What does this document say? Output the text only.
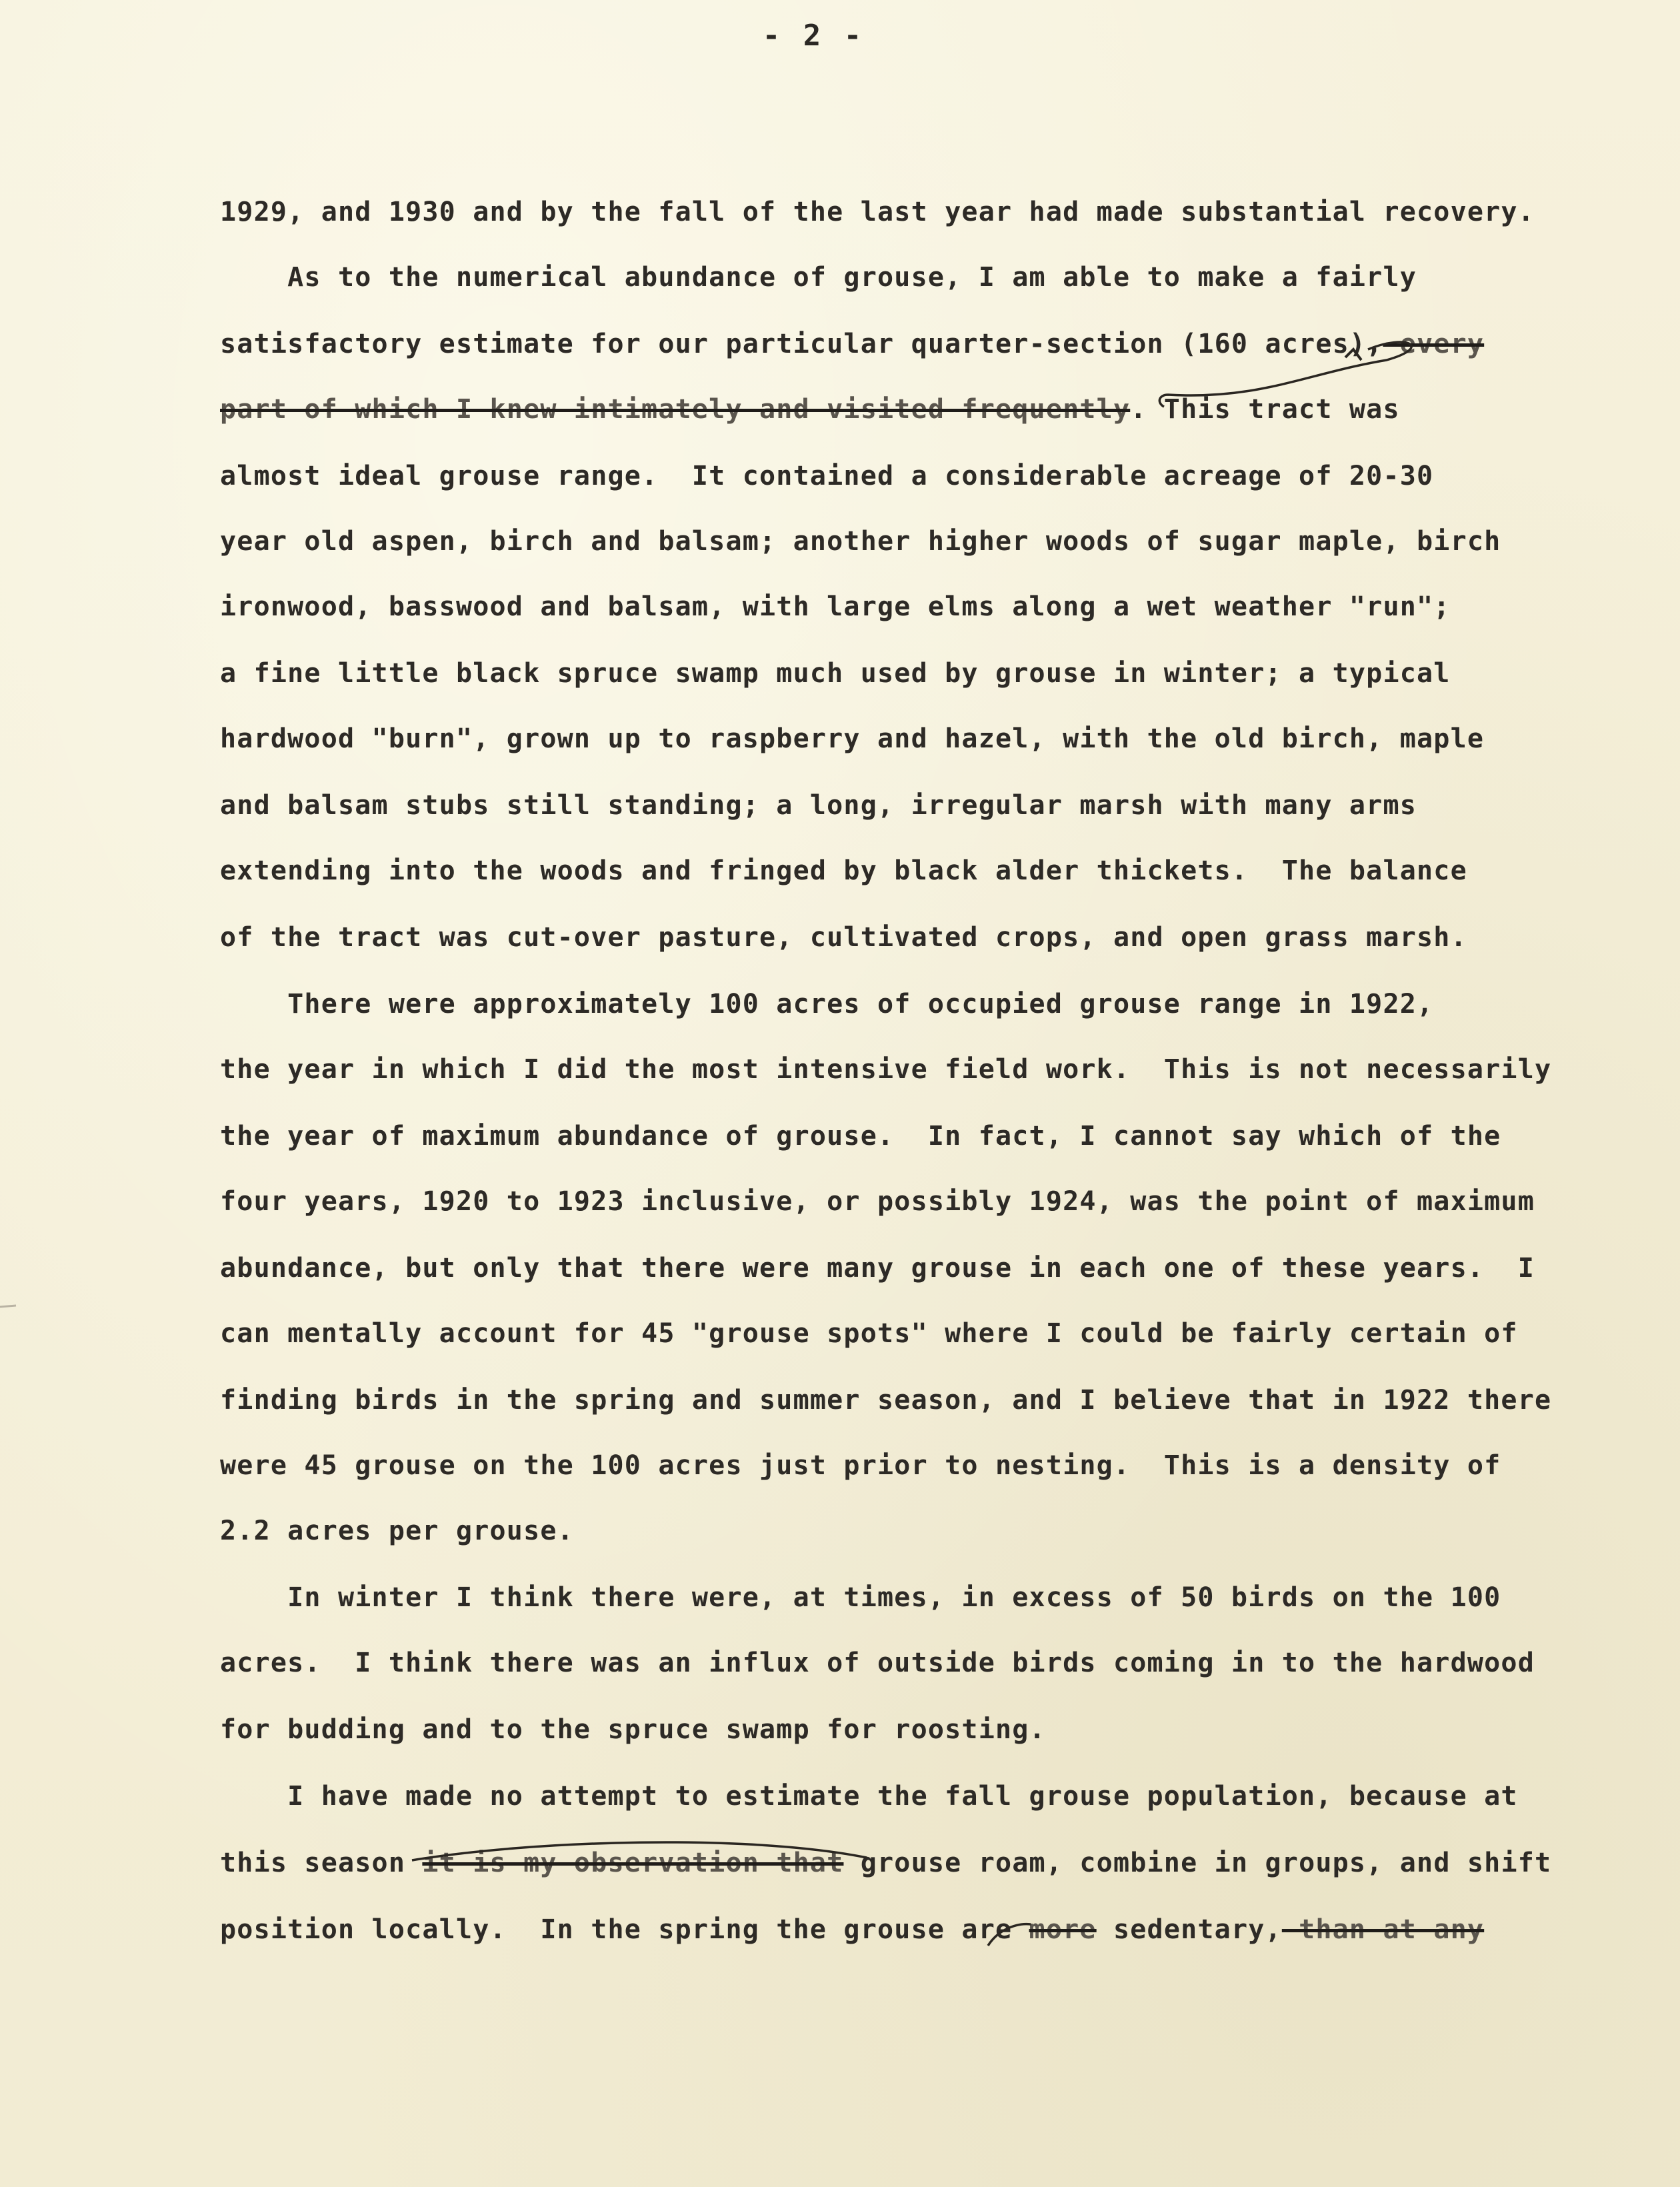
- 2 -
1929, and 1930 and by the fall of the last year had made substantial recovery.
As to the numerical abundance of grouse, I am able to make a fairly
satisfactory estimate for our particular quarter-section (160 acres), every
part of which I knew intimately and visited frequently. This tract was
almost ideal grouse range.  It contained a considerable acreage of 20-30
year old aspen, birch and balsam; another higher woods of sugar maple, birch
ironwood, basswood and balsam, with large elms along a wet weather "run";
a fine little black spruce swamp much used by grouse in winter; a typical
hardwood "burn", grown up to raspberry and hazel, with the old birch, maple
and balsam stubs still standing; a long, irregular marsh with many arms
extending into the woods and fringed by black alder thickets.  The balance
of the tract was cut-over pasture, cultivated crops, and open grass marsh.
There were approximately 100 acres of occupied grouse range in 1922,
the year in which I did the most intensive field work.  This is not necessarily
the year of maximum abundance of grouse.  In fact, I cannot say which of the
four years, 1920 to 1923 inclusive, or possibly 1924, was the point of maximum
abundance, but only that there were many grouse in each one of these years.  I
can mentally account for 45 "grouse spots" where I could be fairly certain of
finding birds in the spring and summer season, and I believe that in 1922 there
were 45 grouse on the 100 acres just prior to nesting.  This is a density of
2.2 acres per grouse.
In winter I think there were, at times, in excess of 50 birds on the 100
acres.  I think there was an influx of outside birds coming in to the hardwood
for budding and to the spruce swamp for roosting.
I have made no attempt to estimate the fall grouse population, because at
this season it is my observation that grouse roam, combine in groups, and shift
position locally.  In the spring the grouse are more sedentary, than at any
